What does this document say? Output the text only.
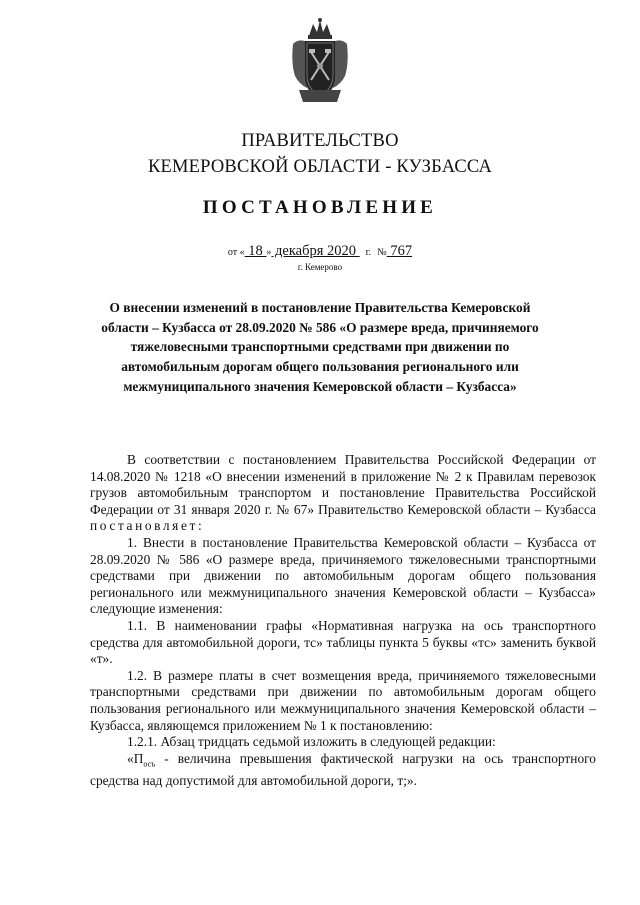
ПРАВИТЕЛЬСТВО
КЕМЕРОВСКОЙ ОБЛАСТИ - КУЗБАССА
ПОСТАНОВЛЕНИЕ
от « 18 » декабря 2020 г. № 767
г. Кемерово
О внесении изменений в постановление Правительства Кемеровской области – Кузбасса от 28.09.2020 № 586 «О размере вреда, причиняемого тяжеловесными транспортными средствами при движении по автомобильным дорогам общего пользования регионального или межмуниципального значения Кемеровской области – Кузбасса»

В соответствии с постановлением Правительства Российской Федерации от 14.08.2020 № 1218 «О внесении изменений в приложение № 2 к Правилам перевозок грузов автомобильным транспортом и постановление Правительства Российской Федерации от 31 января 2020 г. № 67» Правительство Кемеровской области – Кузбасса постановляет:

1. Внести в постановление Правительства Кемеровской области – Кузбасса от 28.09.2020 № 586 «О размере вреда, причиняемого тяжеловесными транспортными средствами при движении по автомобильным дорогам общего пользования регионального или межмуниципального значения Кемеровской области – Кузбасса» следующие изменения:

1.1. В наименовании графы «Нормативная нагрузка на ось транспортного средства для автомобильной дороги, тс» таблицы пункта 5 буквы «тс» заменить буквой «т».

1.2. В размере платы в счет возмещения вреда, причиняемого тяжеловесными транспортными средствами при движении по автомобильным дорогам общего пользования регионального или межмуниципального значения Кемеровской области – Кузбасса, являющемся приложением № 1 к постановлению:

1.2.1. Абзац тридцать седьмой изложить в следующей редакции:

«$П_{осъ}$ - величина превышения фактической нагрузки на ось транспортного средства над допустимой для автомобильной дороги, т;».
